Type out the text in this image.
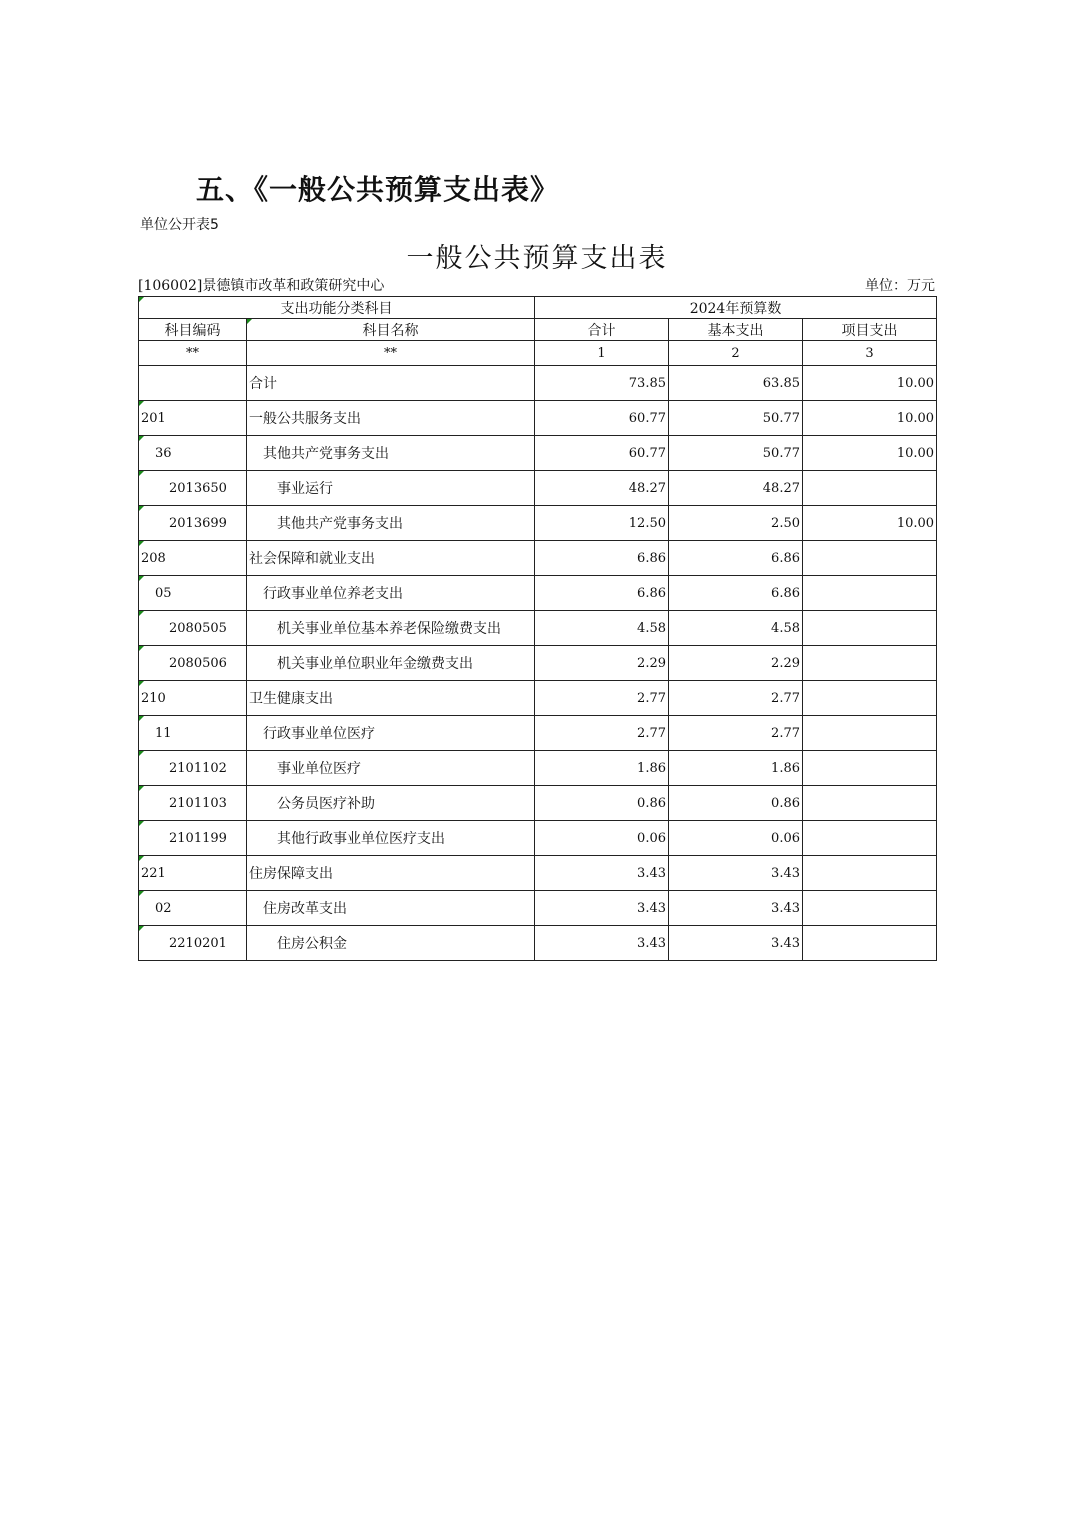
五、《一般公共预算支出表》
单位公开表5
一般公共预算支出表
[106002]景德镇市改革和政策研究中心	单位：万元
支出功能分类科目		2024年预算数		
科目编码	科目名称	合计	基本支出	项目支出
**	**	1	2	3
	合计	73.85	63.85	10.00
201	一般公共服务支出	60.77	50.77	10.00
36	其他共产党事务支出	60.77	50.77	10.00
2013650	事业运行	48.27	48.27	
2013699	其他共产党事务支出	12.50	2.50	10.00
208	社会保障和就业支出	6.86	6.86	
05	行政事业单位养老支出	6.86	6.86	
2080505	机关事业单位基本养老保险缴费支出	4.58	4.58	
2080506	机关事业单位职业年金缴费支出	2.29	2.29	
210	卫生健康支出	2.77	2.77	
11	行政事业单位医疗	2.77	2.77	
2101102	事业单位医疗	1.86	1.86	
2101103	公务员医疗补助	0.86	0.86	
2101199	其他行政事业单位医疗支出	0.06	0.06	
221	住房保障支出	3.43	3.43	
02	住房改革支出	3.43	3.43	
2210201	住房公积金	3.43	3.43	
